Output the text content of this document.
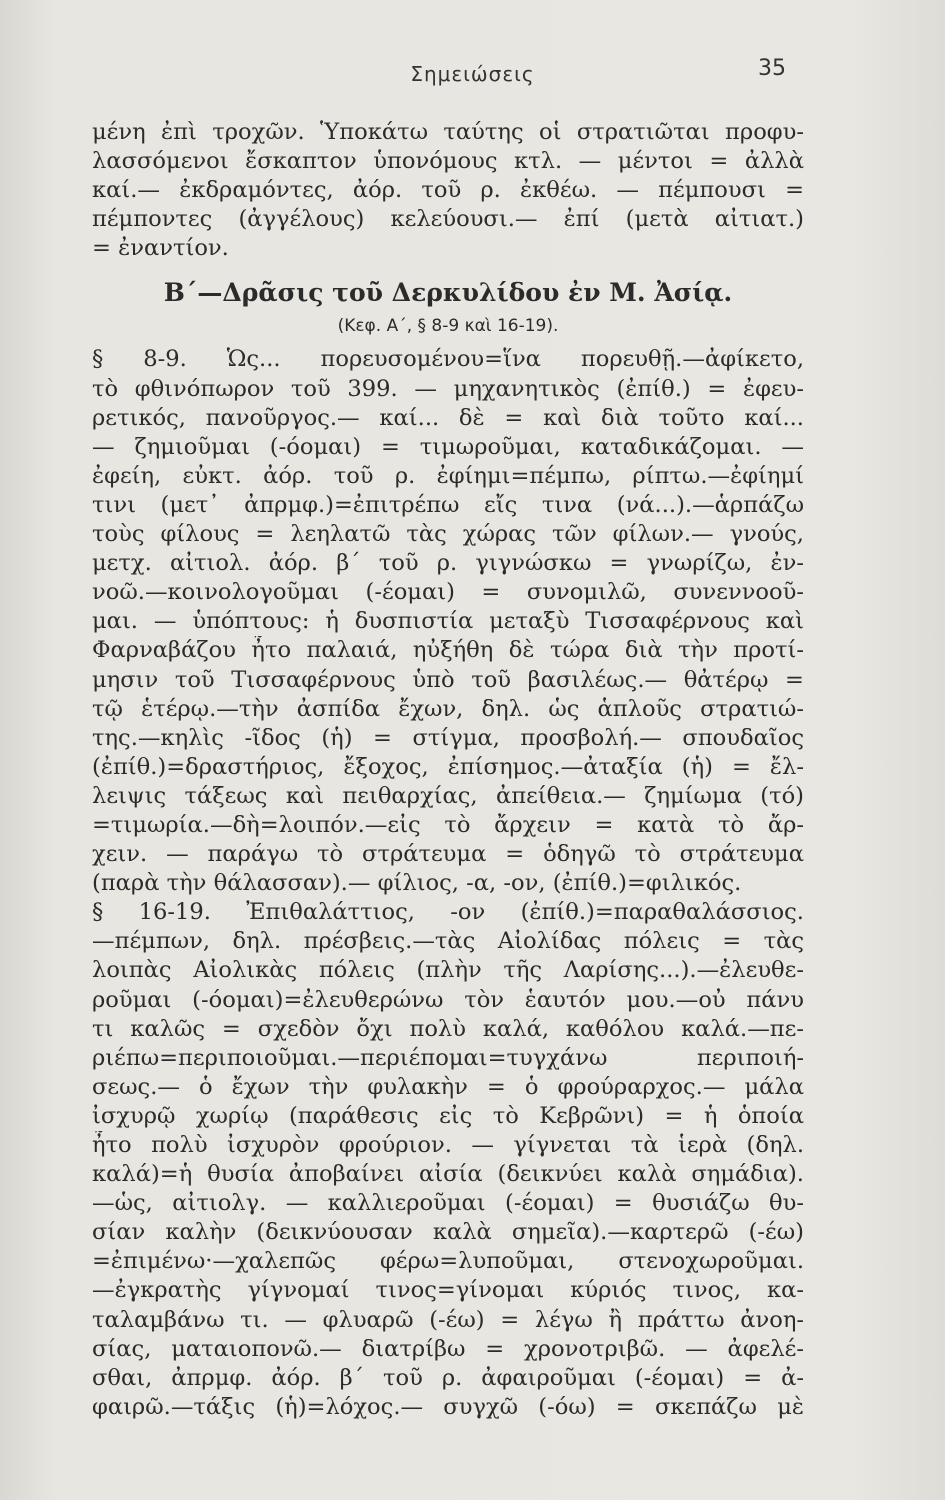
Σημειώσεις	35
μένη ἐπὶ τροχῶν. Ὑποκάτω ταύτης οἱ στρατιῶται προφυ-
λασσόμενοι ἔσκαπτον ὑπονόμους κτλ. — μέντοι = ἀλλὰ
καί.— ἐκδραμόντες, ἀόρ. τοῦ ρ. ἐκθέω. — πέμπουσι =
πέμποντες (ἀγγέλους) κελεύουσι.— ἐπί (μετὰ αἰτιατ.)
= ἐναντίον.
Β΄—Δρᾶσις τοῦ Δερκυλίδου ἐν Μ. Ἀσίᾳ.
(Κεφ. Α΄, § 8-9 καὶ 16-19).
§ 8-9. Ὡς... πορευσομένου=ἵνα πορευθῇ.—ἀφίκετο,
τὸ φθινόπωρον τοῦ 399. — μηχανητικὸς (ἐπίθ.) = ἐφευ-
ρετικός, πανοῦργος.— καί... δὲ = καὶ διὰ τοῦτο καί...
— ζημιοῦμαι (-όομαι) = τιμωροῦμαι, καταδικάζομαι. —
ἐφείη, εὐκτ. ἀόρ. τοῦ ρ. ἐφίημι=πέμπω, ρίπτω.—ἐφίημί
τινι (μετ᾽ ἀπρμφ.)=ἐπιτρέπω εἴς τινα (νά...).—ἁρπάζω
τοὺς φίλους = λεηλατῶ τὰς χώρας τῶν φίλων.— γνούς,
μετχ. αἰτιολ. ἀόρ. β΄ τοῦ ρ. γιγνώσκω = γνωρίζω, ἐν-
νοῶ.—κοινολογοῦμαι (-έομαι) = συνομιλῶ, συνεννοοῦ-
μαι. — ὑπόπτους: ἡ δυσπιστία μεταξὺ Τισσαφέρνους καὶ
Φαρναβάζου ἦτο παλαιά, ηὐξήθη δὲ τώρα διὰ τὴν προτί-
μησιν τοῦ Τισσαφέρνους ὑπὸ τοῦ βασιλέως.— θἀτέρῳ =
τῷ ἑτέρῳ.—τὴν ἀσπίδα ἔχων, δηλ. ὡς ἁπλοῦς στρατιώ-
της.—κηλὶς -ῖδος (ἡ) = στίγμα, προσβολή.— σπουδαῖος
(ἐπίθ.)=δραστήριος, ἔξοχος, ἐπίσημος.—ἀταξία (ἡ) = ἔλ-
λειψις τάξεως καὶ πειθαρχίας, ἀπείθεια.— ζημίωμα (τό)
=τιμωρία.—δὴ=λοιπόν.—εἰς τὸ ἄρχειν = κατὰ τὸ ἄρ-
χειν. — παράγω τὸ στράτευμα = ὁδηγῶ τὸ στράτευμα
(παρὰ τὴν θάλασσαν).— φίλιος, -α, -ον, (ἐπίθ.)=φιλικός.
§ 16-19. Ἐπιθαλάττιος, -ον (ἐπίθ.)=παραθαλάσσιος.
—πέμπων, δηλ. πρέσβεις.—τὰς Αἰολίδας πόλεις = τὰς
λοιπὰς Αἰολικὰς πόλεις (πλὴν τῆς Λαρίσης...).—ἐλευθε-
ροῦμαι (-όομαι)=ἐλευθερώνω τὸν ἑαυτόν μου.—οὐ πάνυ
τι καλῶς = σχεδὸν ὄχι πολὺ καλά, καθόλου καλά.—πε-
ριέπω=περιποιοῦμαι.—περιέπομαι=τυγχάνω περιποιή-
σεως.— ὁ ἔχων τὴν φυλακὴν = ὁ φρούραρχος.— μάλα
ἰσχυρῷ χωρίῳ (παράθεσις εἰς τὸ Κεβρῶνι) = ἡ ὁποία
ἦτο πολὺ ἰσχυρὸν φρούριον. — γίγνεται τὰ ἱερὰ (δηλ.
καλά)=ἡ θυσία ἀποβαίνει αἰσία (δεικνύει καλὰ σημάδια).
—ὡς, αἰτιολγ. — καλλιεροῦμαι (-έομαι) = θυσιάζω θυ-
σίαν καλὴν (δεικνύουσαν καλὰ σημεῖα).—καρτερῶ (-έω)
=ἐπιμένω·—χαλεπῶς φέρω=λυποῦμαι, στενοχωροῦμαι.
—ἐγκρατὴς γίγνομαί τινος=γίνομαι κύριός τινος, κα-
ταλαμβάνω τι. — φλυαρῶ (-έω) = λέγω ἢ πράττω ἀνοη-
σίας, ματαιοπονῶ.— διατρίβω = χρονοτριβῶ. — ἀφελέ-
σθαι, ἀπρμφ. ἀόρ. β΄ τοῦ ρ. ἀφαιροῦμαι (-έομαι) = ἀ-
φαιρῶ.—τάξις (ἡ)=λόχος.— συγχῶ (-όω) = σκεπάζω μὲ
